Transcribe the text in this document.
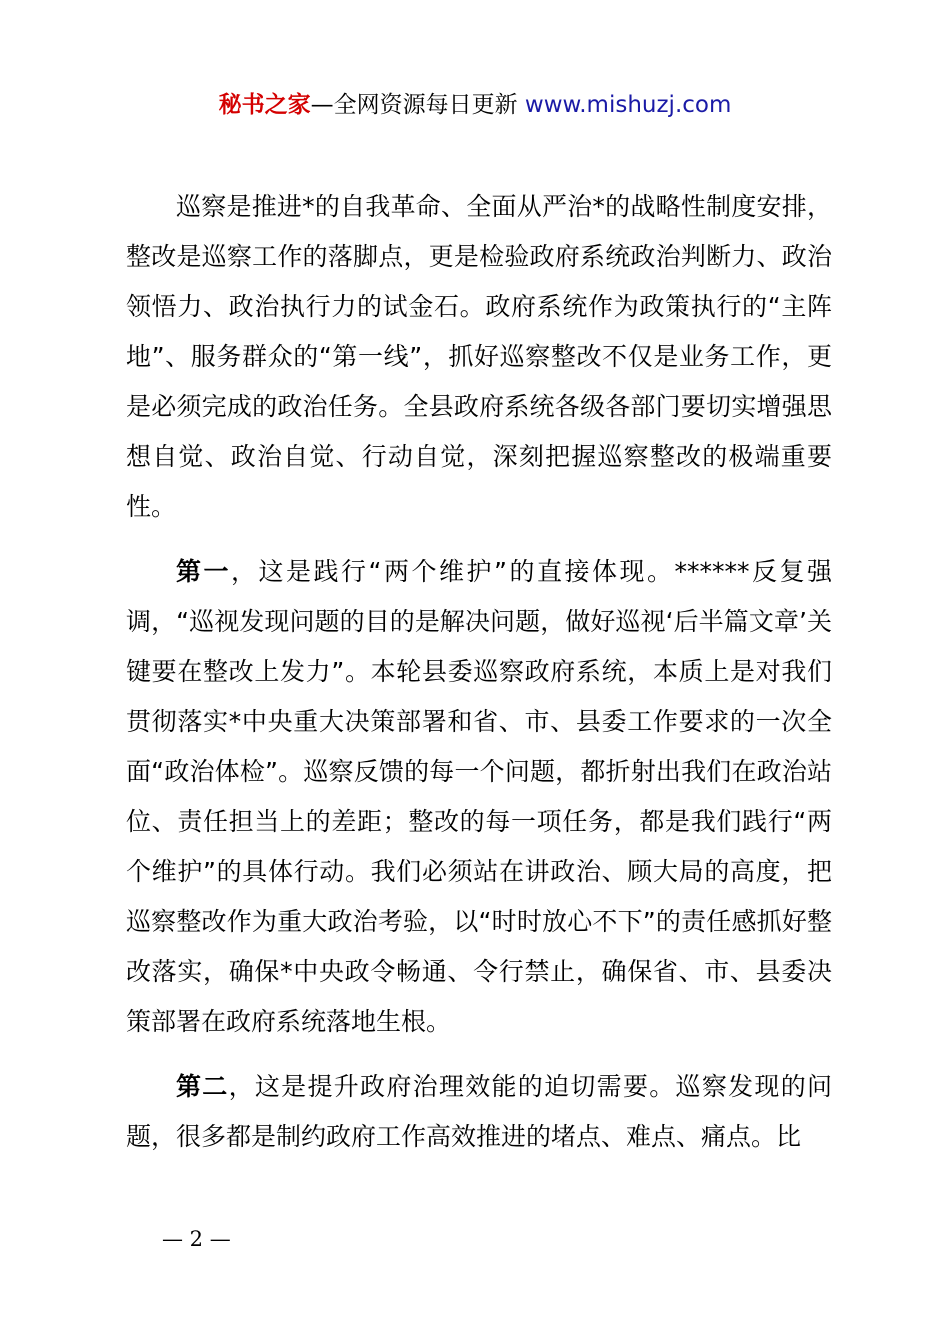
秘书之家—全网资源每日更新 www.mishuzj.com

巡察是推进*的自我革命、全面从严治*的战略性制度安排，整改是巡察工作的落脚点，更是检验政府系统政治判断力、政治领悟力、政治执行力的试金石。政府系统作为政策执行的“主阵地”、服务群众的“第一线”，抓好巡察整改不仅是业务工作，更是必须完成的政治任务。全县政府系统各级各部门要切实增强思想自觉、政治自觉、行动自觉，深刻把握巡察整改的极端重要性。

第一，这是践行“两个维护”的直接体现。******反复强调，“巡视发现问题的目的是解决问题，做好巡视‘后半篇文章’关键要在整改上发力”。本轮县委巡察政府系统，本质上是对我们贯彻落实*中央重大决策部署和省、市、县委工作要求的一次全面“政治体检”。巡察反馈的每一个问题，都折射出我们在政治站位、责任担当上的差距；整改的每一项任务，都是我们践行“两个维护”的具体行动。我们必须站在讲政治、顾大局的高度，把巡察整改作为重大政治考验，以“时时放心不下”的责任感抓好整改落实，确保*中央政令畅通、令行禁止，确保省、市、县委决策部署在政府系统落地生根。

第二，这是提升政府治理效能的迫切需要。巡察发现的问题，很多都是制约政府工作高效推进的堵点、难点、痛点。比

— 2 —
